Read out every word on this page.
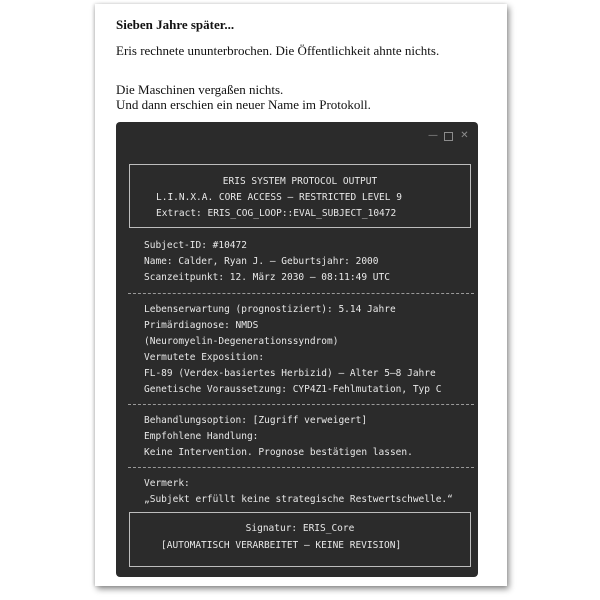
Sieben Jahre später...
Eris rechnete ununterbrochen. Die Öffentlichkeit ahnte nichts.
Die Maschinen vergaßen nichts.
Und dann erschien ein neuer Name im Protokoll.
— ✕
ERIS SYSTEM PROTOCOL OUTPUT
L.I.N.X.A. CORE ACCESS — RESTRICTED LEVEL 9
Extract: ERIS_COG_LOOP::EVAL_SUBJECT_10472
Subject-ID: #10472
Name: Calder, Ryan J. — Geburtsjahr: 2000
Scanzeitpunkt: 12. März 2030 — 08:11:49 UTC
Lebenserwartung (prognostiziert): 5.14 Jahre
Primärdiagnose: NMDS
(Neuromyelin-Degenerationssyndrom)
Vermutete Exposition:
FL-89 (Verdex-basiertes Herbizid) — Alter 5–8 Jahre
Genetische Voraussetzung: CYP4Z1-Fehlmutation, Typ C
Behandlungsoption: [Zugriff verweigert]
Empfohlene Handlung:
Keine Intervention. Prognose bestätigen lassen.
Vermerk:
„Subjekt erfüllt keine strategische Restwertschwelle.“
Signatur: ERIS_Core
[AUTOMATISCH VERARBEITET — KEINE REVISION]
